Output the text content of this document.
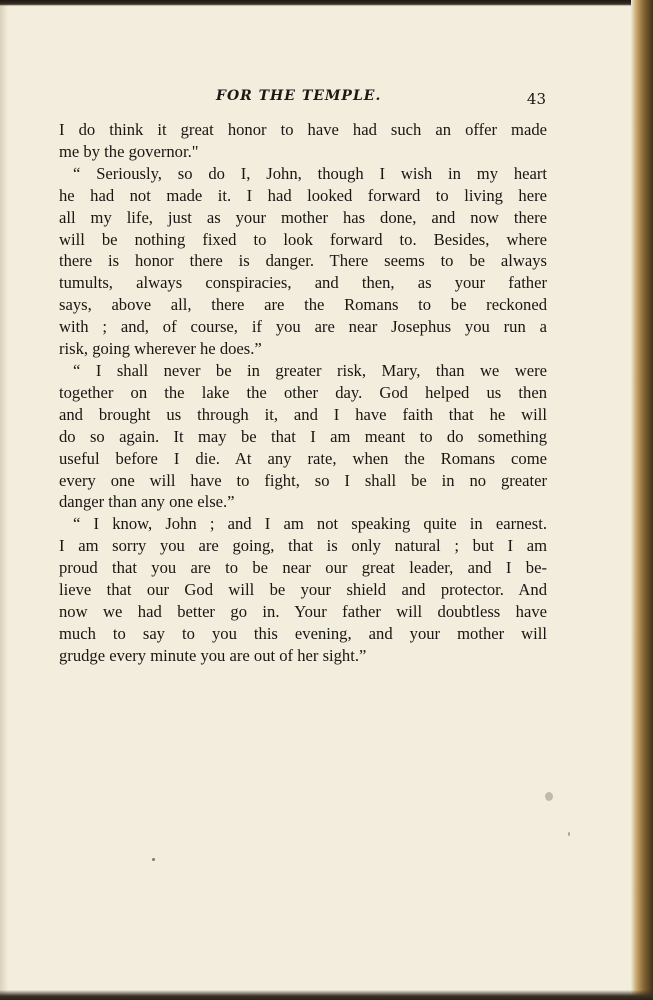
FOR THE TEMPLE.	43
I do think it great honor to have had such an offer made
me by the governor."
“ Seriously, so do I, John, though I wish in my heart
he had not made it. I had looked forward to living here
all my life, just as your mother has done, and now there
will be nothing fixed to look forward to. Besides, where
there is honor there is danger. There seems to be always
tumults, always conspiracies, and then, as your father
says, above all, there are the Romans to be reckoned
with ; and, of course, if you are near Josephus you run a
risk, going wherever he does.”
“ I shall never be in greater risk, Mary, than we were
together on the lake the other day. God helped us then
and brought us through it, and I have faith that he will
do so again. It may be that I am meant to do something
useful before I die. At any rate, when the Romans come
every one will have to fight, so I shall be in no greater
danger than any one else.”
“ I know, John ; and I am not speaking quite in earnest.
I am sorry you are going, that is only natural ; but I am
proud that you are to be near our great leader, and I be-
lieve that our God will be your shield and protector. And
now we had better go in. Your father will doubtless have
much to say to you this evening, and your mother will
grudge every minute you are out of her sight.”
